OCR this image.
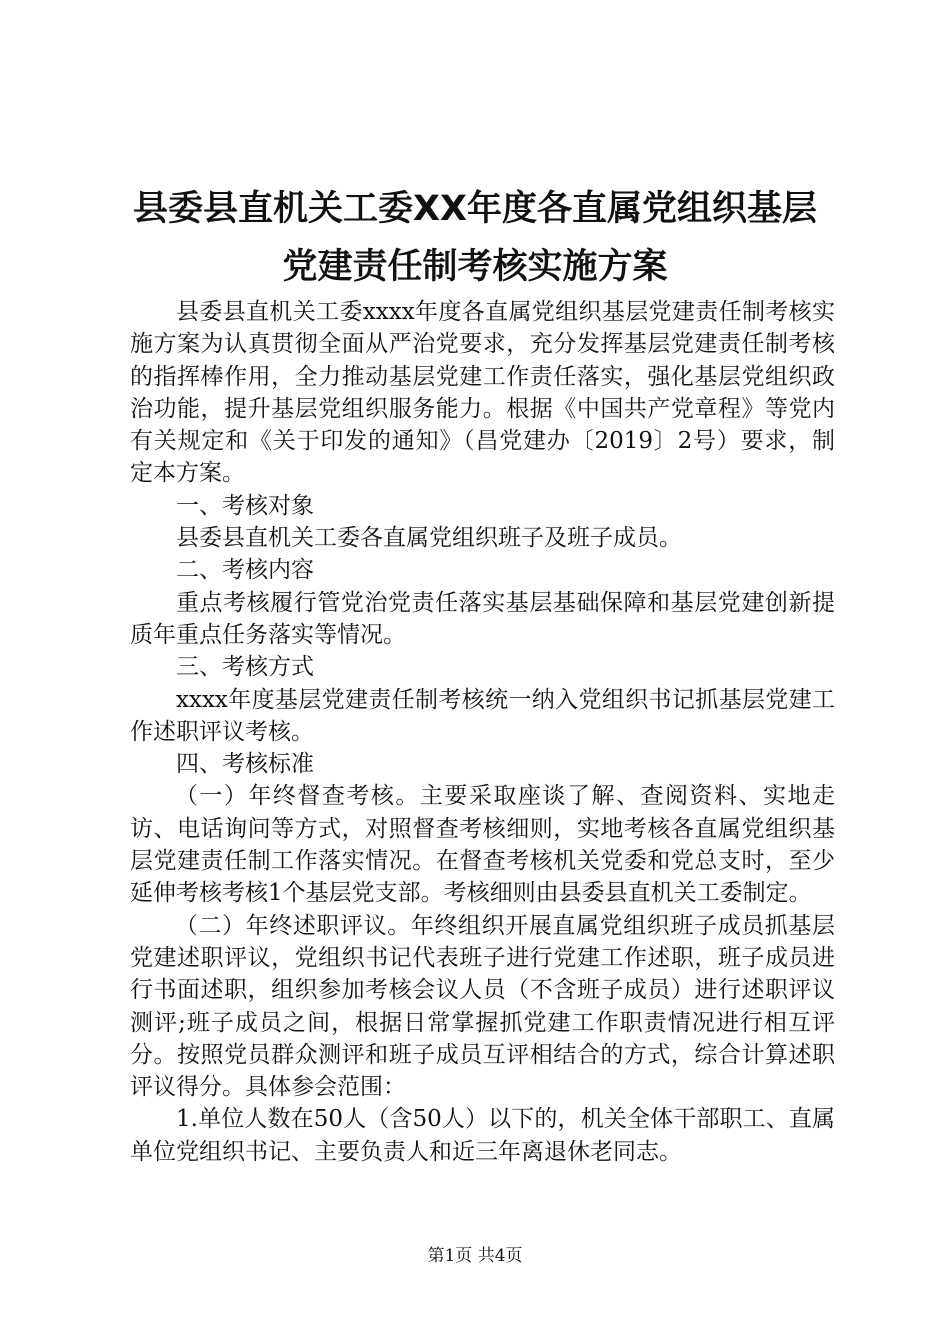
县委县直机关工委XX年度各直属党组织基层
党建责任制考核实施方案

县委县直机关工委xxxx年度各直属党组织基层党建责任制考核实施方案为认真贯彻全面从严治党要求，充分发挥基层党建责任制考核的指挥棒作用，全力推动基层党建工作责任落实，强化基层党组织政治功能，提升基层党组织服务能力。根据《中国共产党章程》等党内有关规定和《关于印发的通知》（昌党建办〔2019〕2号）要求，制定本方案。

一、考核对象

县委县直机关工委各直属党组织班子及班子成员。

二、考核内容

重点考核履行管党治党责任落实基层基础保障和基层党建创新提质年重点任务落实等情况。

三、考核方式

xxxx年度基层党建责任制考核统一纳入党组织书记抓基层党建工作述职评议考核。

四、考核标准

（一）年终督查考核。主要采取座谈了解、查阅资料、实地走访、电话询问等方式，对照督查考核细则，实地考核各直属党组织基层党建责任制工作落实情况。在督查考核机关党委和党总支时，至少延伸考核考核1个基层党支部。考核细则由县委县直机关工委制定。

（二）年终述职评议。年终组织开展直属党组织班子成员抓基层党建述职评议，党组织书记代表班子进行党建工作述职，班子成员进行书面述职，组织参加考核会议人员（不含班子成员）进行述职评议测评;班子成员之间，根据日常掌握抓党建工作职责情况进行相互评分。按照党员群众测评和班子成员互评相结合的方式，综合计算述职评议得分。具体参会范围：

1.单位人数在50人（含50人）以下的，机关全体干部职工、直属单位党组织书记、主要负责人和近三年离退休老同志。

第1页 共4页
